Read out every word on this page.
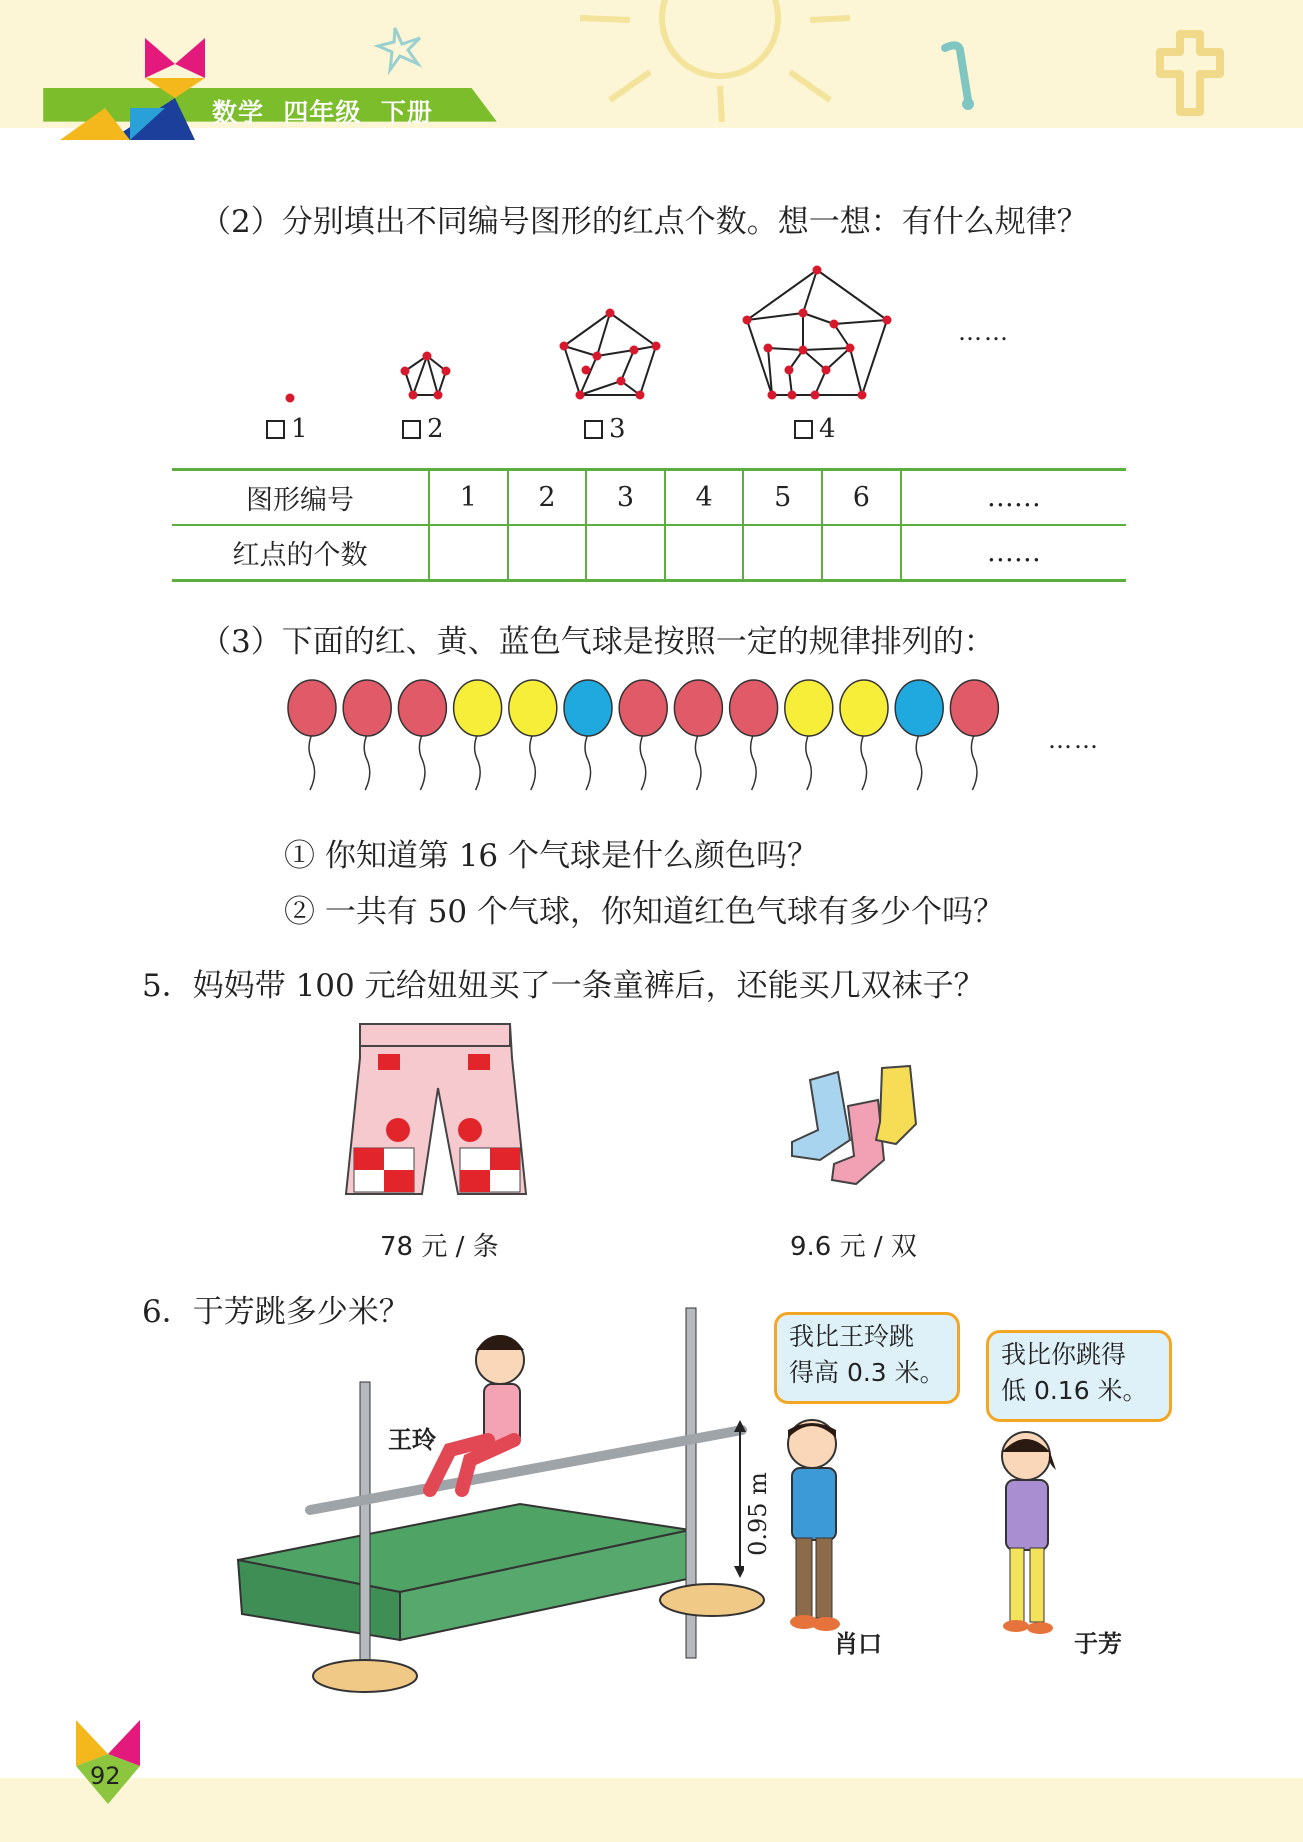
数学  四年级  下册
（2）分别填出不同编号图形的红点个数。想一想：有什么规律？
1	2	3	4
……
图形编号	1	2	3	4	5	6	……
红点的个数							……
（3）下面的红、黄、蓝色气球是按照一定的规律排列的：
……
① 你知道第 16 个气球是什么颜色吗？
② 一共有 50 个气球，你知道红色气球有多少个吗？
5．妈妈带 100 元给妞妞买了一条童裤后，还能买几双袜子？
78 元 / 条	9.6 元 / 双
6．于芳跳多少米？
王玲
0.95 m
我比王玲跳
得高 0.3 米。
我比你跳得
低 0.16 米。
肖口	于芳
92
